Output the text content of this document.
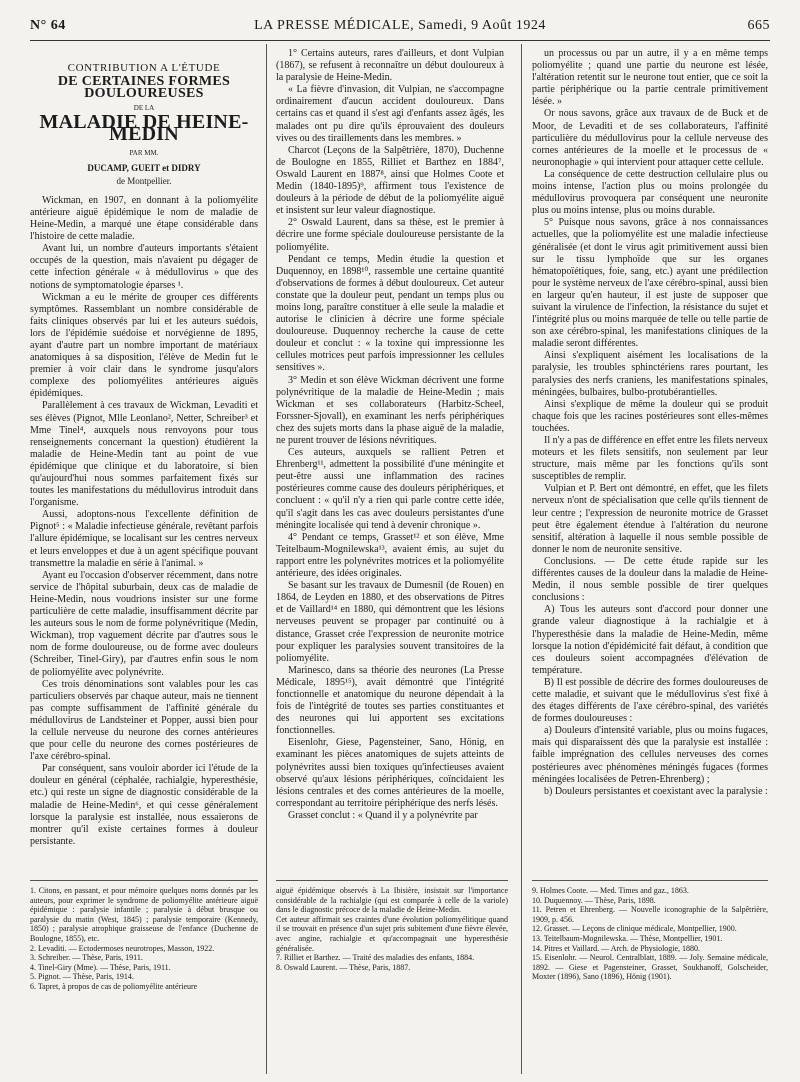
N° 64	LA PRESSE MÉDICALE, Samedi, 9 Août 1924	665
CONTRIBUTION A L'ÉTUDE
DE CERTAINES FORMES DOULOUREUSES
DE LA
MALADIE DE HEINE-MEDIN
PAR MM.
DUCAMP, GUEIT et DIDRY
de Montpellier.

Wickman, en 1907, en donnant à la poliomyélite antérieure aiguë épidémique le nom de maladie de Heine-Medin, a marqué une étape considérable dans l'histoire de cette maladie.

Avant lui, un nombre d'auteurs importants s'étaient occupés de la question, mais n'avaient pu dégager de cette infection générale « à médullovirus » que des notions de symptomatologie éparses ¹.

Wickman a eu le mérite de grouper ces différents symptômes. Rassemblant un nombre considérable de faits cliniques observés par lui et les auteurs suédois, lors de l'épidémie suédoise et norvégienne de 1895, ayant d'autre part un nombre important de matériaux anatomiques à sa disposition, l'élève de Medin fut le premier à voir clair dans le syndrome jusqu'alors complexe des poliomyélites antérieures aiguës épidémiques.

Parallèlement à ces travaux de Wickman, Levaditi et ses élèves (Pignot, Mlle Leonlano², Netter, Schreiber³ et Mme Tinel⁴, auxquels nous renvoyons pour tous renseignements concernant la question) étudièrent la maladie de Heine-Medin tant au point de vue épidémique que clinique et du laboratoire, si bien qu'aujourd'hui nous sommes parfaitement fixés sur toutes les manifestations du médullovirus introduit dans l'organisme.

Aussi, adoptons-nous l'excellente définition de Pignot⁵ : « Maladie infectieuse générale, revêtant parfois l'allure épidémique, se localisant sur les centres nerveux et leurs enveloppes et due à un agent spécifique pouvant transmettre la maladie en série à l'animal. »

Ayant eu l'occasion d'observer récemment, dans notre service de l'hôpital suburbain, deux cas de maladie de Heine-Medin, nous voudrions insister sur une forme particulière de cette maladie, insuffisamment décrite par les auteurs sous le nom de forme polynévritique (Medin, Wickman), trop vaguement décrite par d'autres sous le nom de forme douloureuse, ou de forme avec douleurs (Schreiber, Tinel-Giry), par d'autres enfin sous le nom de poliomyélite avec polynévrite.

Ces trois dénominations sont valables pour les cas particuliers observés par chaque auteur, mais ne tiennent pas compte suffisamment de l'affinité générale du médullovirus de Landsteiner et Popper, aussi bien pour la cellule nerveuse du neurone des cornes antérieures que pour celle du neurone des cornes postérieures de l'axe cérébro-spinal.

Par conséquent, sans vouloir aborder ici l'étude de la douleur en général (céphalée, rachialgie, hyperesthésie, etc.) qui reste un signe de diagnostic considérable de la maladie de Heine-Medin⁶, et qui cesse généralement lorsque la paralysie est installée, nous essaierons de montrer qu'il existe certaines formes à douleur persistante.

1° Certains auteurs, rares d'ailleurs, et dont Vulpian (1867), se refusent à reconnaître un début douloureux à la paralysie de Heine-Medin.

« La fièvre d'invasion, dit Vulpian, ne s'accompagne ordinairement d'aucun accident douloureux. Dans certains cas et quand il s'est agi d'enfants assez âgés, les malades ont pu dire qu'ils éprouvaient des douleurs vives ou des tiraillements dans les membres. »

Charcot (Leçons de la Salpêtrière, 1870), Duchenne de Boulogne en 1855, Rilliet et Barthez en 1884⁷, Oswald Laurent en 1887⁸, ainsi que Holmes Coote et Medin (1840-1895)⁹, affirment tous l'existence de douleurs à la période de début de la poliomyélite aiguë et insistent sur leur valeur diagnostique.

2° Oswald Laurent, dans sa thèse, est le premier à décrire une forme spéciale douloureuse persistante de la poliomyélite.

Pendant ce temps, Medin étudie la question et Duquennoy, en 1898¹⁰, rassemble une certaine quantité d'observations de formes à début douloureux. Cet auteur constate que la douleur peut, pendant un temps plus ou moins long, paraître constituer à elle seule la maladie et autorise le clinicien à décrire une forme spéciale douloureuse. Duquennoy recherche la cause de cette douleur et conclut : « la toxine qui impressionne les cellules motrices peut parfois impressionner les cellules sensitives ».

3° Medin et son élève Wickman décrivent une forme polynévritique de la maladie de Heine-Medin ; mais Wickman et ses collaborateurs (Harbitz-Scheel, Forssner-Sjovall), en examinant les nerfs périphériques chez des sujets morts dans la phase aiguë de la maladie, ne purent trouver de lésions névritiques.

Ces auteurs, auxquels se rallient Petren et Ehrenberg¹¹, admettent la possibilité d'une méningite et peut-être aussi une inflammation des racines postérieures comme cause des douleurs périphériques, et concluent : « qu'il n'y a rien qui parle contre cette idée, qu'il s'agit dans les cas avec douleurs persistantes d'une méningite localisée qui tend à devenir chronique ».

4° Pendant ce temps, Grasset¹² et son élève, Mme Teitelbaum-Mognilewska¹³, avaient émis, au sujet du rapport entre les polynévrites motrices et la poliomyélite antérieure, des idées originales.

Se basant sur les travaux de Dumesnil (de Rouen) en 1864, de Leyden en 1880, et des observations de Pitres et de Vaillard¹⁴ en 1880, qui démontrent que les lésions nerveuses peuvent se propager par continuité ou à distance, Grasset crée l'expression de neuronite motrice pour expliquer les paralysies souvent transitoires de la poliomyélite.

Marinesco, dans sa théorie des neurones (La Presse Médicale, 1895¹⁵), avait démontré que l'intégrité fonctionnelle et anatomique du neurone dépendait à la fois de l'intégrité de toutes ses parties constituantes et des neurones qui lui apportent ses excitations fonctionnelles.

Eisenlohr, Giese, Pagensteiner, Sano, Hönig, en examinant les pièces anatomiques de sujets atteints de polynévrites aussi bien toxiques qu'infectieuses avaient observé qu'aux lésions périphériques, coïncidaient les lésions centrales et des cornes antérieures de la moelle, correspondant au territoire périphérique des nerfs lésés.

Grasset conclut : « Quand il y a polynévrite par

un processus ou par un autre, il y a en même temps poliomyélite ; quand une partie du neurone est lésée, l'altération retentit sur le neurone tout entier, que ce soit la partie périphérique ou la partie centrale primitivement lésée. »

Or nous savons, grâce aux travaux de de Buck et de Moor, de Levaditi et de ses collaborateurs, l'affinité particulière du médullovirus pour la cellule nerveuse des cornes antérieures de la moelle et le processus de « neuronophagie » qui intervient pour attaquer cette cellule.

La conséquence de cette destruction cellulaire plus ou moins intense, l'action plus ou moins prolongée du médullovirus provoquera par conséquent une neuronite plus ou moins intense, plus ou moins durable.

5° Puisque nous savons, grâce à nos connaissances actuelles, que la poliomyélite est une maladie infectieuse généralisée (et dont le virus agit primitivement aussi bien sur le tissu lymphoïde que sur les organes hématopoïétiques, foie, sang, etc.) ayant une prédilection pour le système nerveux de l'axe cérébro-spinal, aussi bien en largeur qu'en hauteur, il est juste de supposer que suivant la virulence de l'infection, la résistance du sujet et l'intégrité plus ou moins marquée de telle ou telle partie de son axe cérébro-spinal, les manifestations cliniques de la maladie seront différentes.

Ainsi s'expliquent aisément les localisations de la paralysie, les troubles sphinctériens rares pourtant, les paralysies des nerfs craniens, les manifestations spinales, méningées, bulbaires, bulbo-protubérantielles.

Ainsi s'explique de même la douleur qui se produit chaque fois que les racines postérieures sont elles-mêmes touchées.

Il n'y a pas de différence en effet entre les filets nerveux moteurs et les filets sensitifs, non seulement par leur structure, mais même par les fonctions qu'ils sont susceptibles de remplir.

Vulpian et P. Bert ont démontré, en effet, que les filets nerveux n'ont de spécialisation que celle qu'ils tiennent de leur centre ; l'expression de neuronite motrice de Grasset peut être également étendue à l'altération du neurone sensitif, altération à laquelle il nous semble possible de donner le nom de neuronite sensitive.

Conclusions. — De cette étude rapide sur les différentes causes de la douleur dans la maladie de Heine-Medin, il nous semble possible de tirer quelques conclusions :

A) Tous les auteurs sont d'accord pour donner une grande valeur diagnostique à la rachialgie et à l'hyperesthésie dans la maladie de Heine-Medin, même lorsque la notion d'épidémicité fait défaut, à condition que ces douleurs soient accompagnées d'élévation de température.

B) Il est possible de décrire des formes douloureuses de cette maladie, et suivant que le médullovirus s'est fixé à des étages différents de l'axe cérébro-spinal, des variétés de formes douloureuses :

a) Douleurs d'intensité variable, plus ou moins fugaces, mais qui disparaissent dès que la paralysie est installée : faible imprégnation des cellules nerveuses des cornes postérieures avec phénomènes méningés fugaces (formes méningées localisées de Petren-Ehrenberg) ;

b) Douleurs persistantes et coexistant avec la paralysie :

1. Citons, en passant, et pour mémoire quelques noms donnés par les auteurs, pour exprimer le syndrome de poliomyélite antérieure aiguë épidémique : paralysie infantile ; paralysie à début brusque ou paralysie du matin (West, 1845) ; paralysie temporaire (Kennedy, 1850) ; paralysie atrophique graisseuse de l'enfance (Duchenne de Boulogne, 1855), etc.

2. Levaditi. — Ectodermoses neurotropes, Masson, 1922.

3. Schreiber. — Thèse, Paris, 1911.

4. Tinel-Giry (Mme). — Thèse, Paris, 1911.

5. Pignot. — Thèse, Paris, 1914.

6. Tapret, à propos de cas de poliomyélite antérieure

aiguë épidémique observés à La Ibisière, insistait sur l'importance considérable de la rachialgie (qui est comparée à celle de la variole) dans le diagnostic précoce de la maladie de Heine-Medin.

Cet auteur affirmait ses craintes d'une évolution poliomyélitique quand il se trouvait en présence d'un sujet pris subitement d'une fièvre élevée, avec angine, rachialgie et qu'accompagnait une hyperesthésie généralisée.

7. Rilliet et Barthez. — Traité des maladies des enfants, 1884.

8. Oswald Laurent. — Thèse, Paris, 1887.

9. Holmes Coote. — Med. Times and gaz., 1863.

10. Duquennoy. — Thèse, Paris, 1898.

11. Petren et Ehrenberg. — Nouvelle iconographie de la Salpêtrière, 1909, p. 456.

12. Grasset. — Leçons de clinique médicale, Montpellier, 1900.

13. Teitelbaum-Mognilewska. — Thèse, Montpellier, 1901.

14. Pitres et Vaillard. — Arch. de Physiologie, 1880.

15. Eisenlohr. — Neurol. Centralblatt, 1889. — Joly. Semaine médicale, 1892. — Giese et Pagensteiner, Grasset, Soukhanoff, Golscheider, Moxter (1896), Sano (1896), Hönig (1901).
